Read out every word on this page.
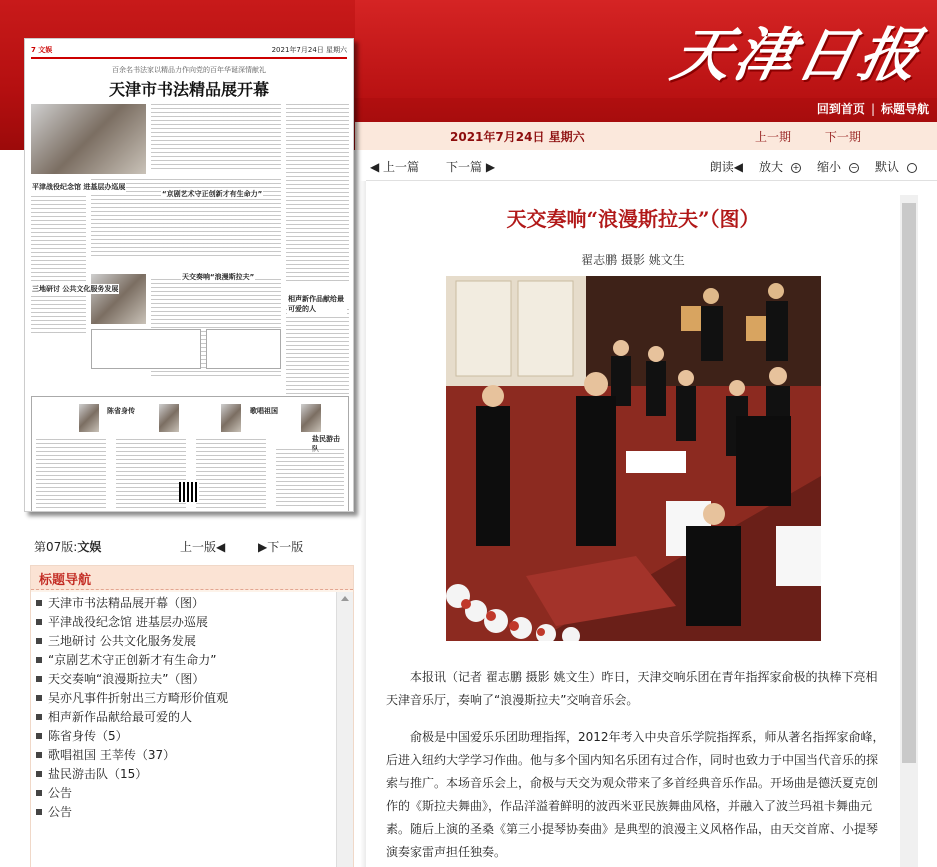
天津日报
回到首页 | 标题导航
2021年7月24日 星期六	上一期	下一期
7 文娱	2021年7月24日 星期六
百余名书法家以精品力作向党的百年华诞深情献礼
天津市书法精品展开幕
平津战役纪念馆 进基层办巡展
“京剧艺术守正创新才有生命力”
天交奏响“浪漫斯拉夫”
三地研讨 公共文化服务发展
相声新作品献给最可爱的人
陈省身传	歌唱祖国
盐民游击
第07版:文娱	上一版◀	▶下一版
标题导航
天津市书法精品展开幕（图）
平津战役纪念馆 进基层办巡展
三地研讨 公共文化服务发展
“京剧艺术守正创新才有生命力”
天交奏响“浪漫斯拉夫”（图）
吴亦凡事件折射出三方畸形价值观
相声新作品献给最可爱的人
陈省身传（5）
歌唱祖国 王莘传（37）
盐民游击队（15）
公告
公告
◀ 上一篇 下一篇 ▶	朗读◀ 放大 + 缩小 − 默认
天交奏响“浪漫斯拉夫”（图）
翟志鹏 摄影 姚文生
本报讯（记者 翟志鹏 摄影 姚文生）昨日，天津交响乐团在青年指挥家俞极的执棒下亮相天津音乐厅，奏响了“浪漫斯拉夫”交响音乐会。
俞极是中国爱乐乐团助理指挥，2012年考入中央音乐学院指挥系，师从著名指挥家俞峰，后进入纽约大学学习作曲。他与多个国内知名乐团有过合作，同时也致力于中国当代音乐的探索与推广。本场音乐会上，俞极与天交为观众带来了多首经典音乐作品。开场曲是德沃夏克创作的《斯拉夫舞曲》，作品洋溢着鲜明的波西米亚民族舞曲风格，并融入了波兰玛祖卡舞曲元素。随后上演的圣桑《第三小提琴协奏曲》是典型的浪漫主义风格作品，由天交首席、小提琴演奏家雷声担任独奏。
